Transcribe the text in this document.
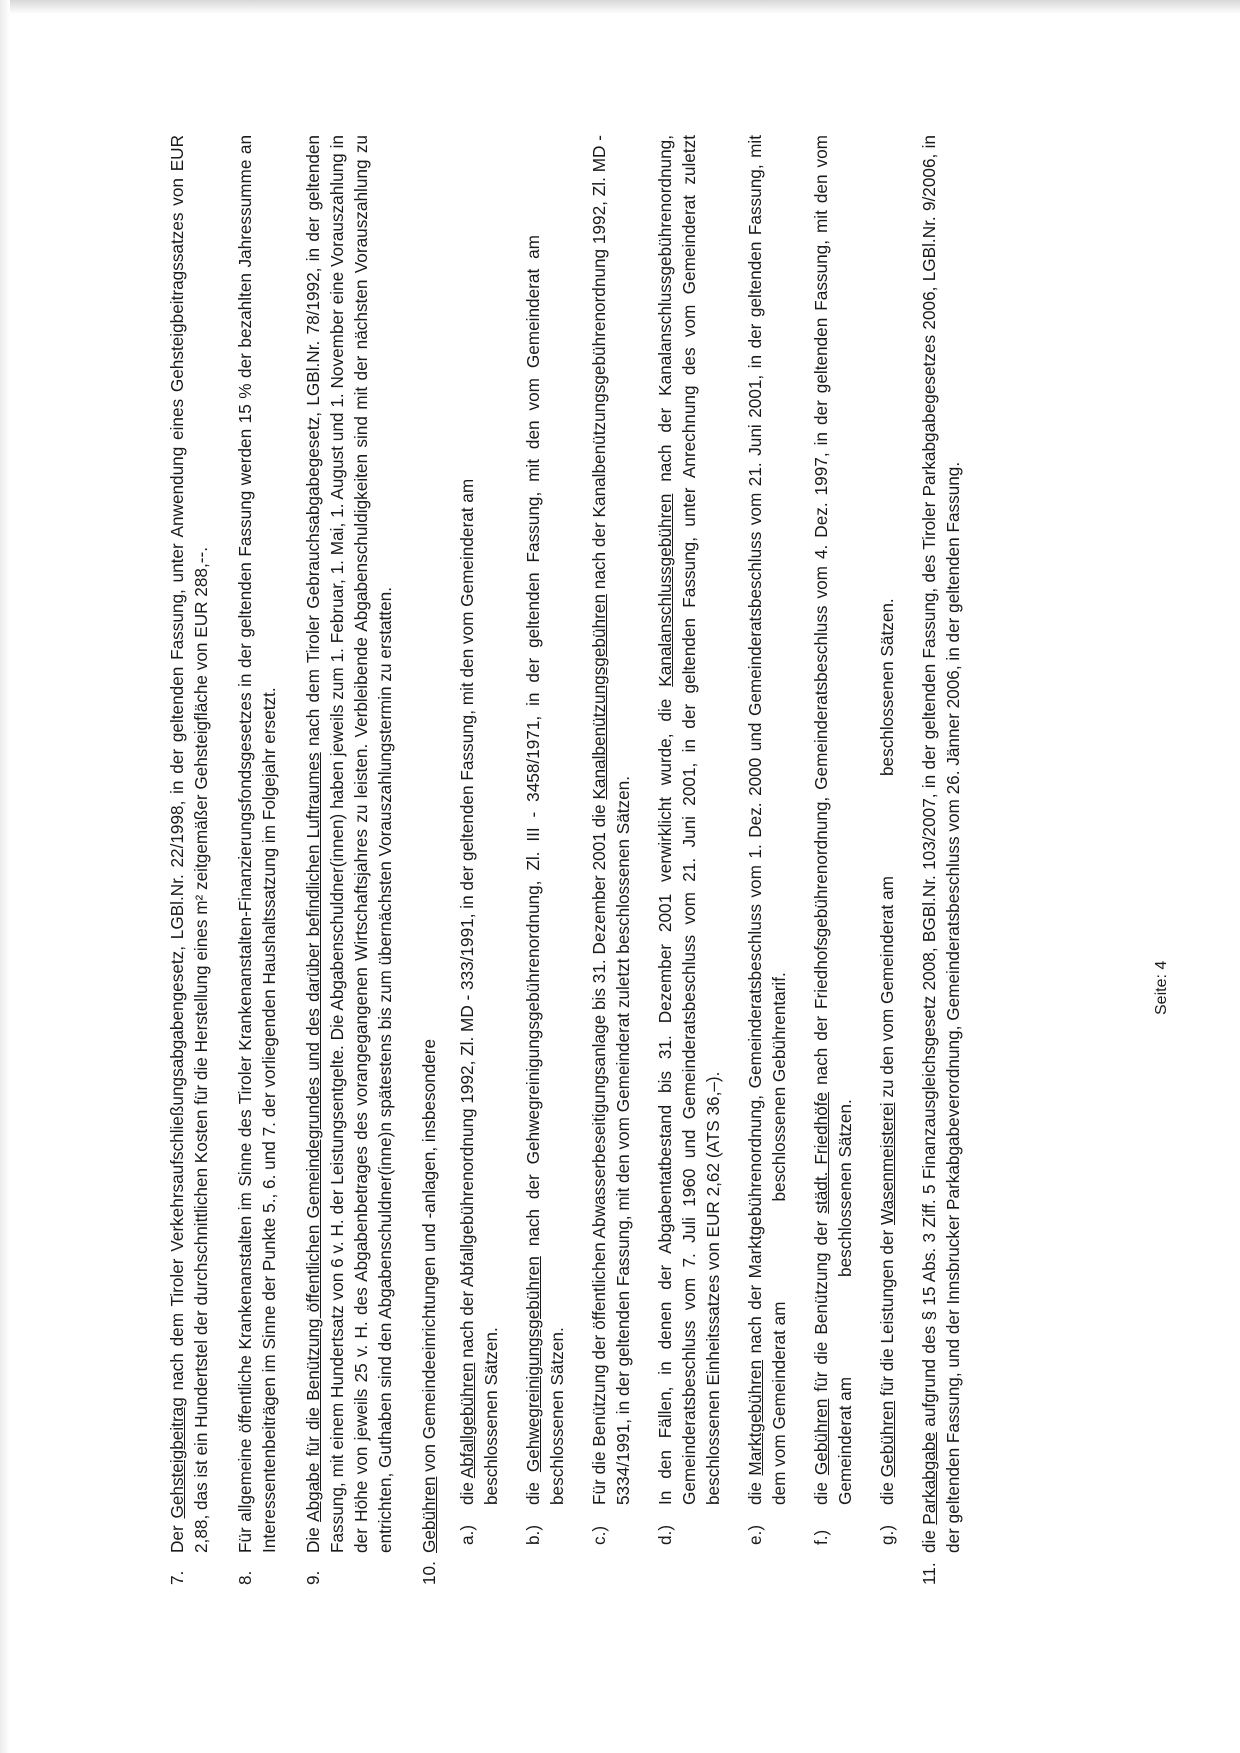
7.
Der Gehsteigbeitrag nach dem Tiroler Verkehrsaufschließungsabgabengesetz, LGBl.Nr. 22/1998, in der geltenden Fassung, unter Anwendung eines Gehsteigbeitragssatzes von EUR 2,88, das ist ein Hundertstel der durchschnittlichen Kosten für die Herstellung eines m² zeitgemäßer Gehsteigfläche von EUR 288,--.
8.
Für allgemeine öffentliche Krankenanstalten im Sinne des Tiroler Krankenanstalten-Finanzierungsfondsgesetzes in der geltenden Fassung werden 15 % der bezahlten Jahressumme an Interessentenbeiträgen im Sinne der Punkte 5., 6. und 7. der vorliegenden Haushaltssatzung im Folgejahr ersetzt.
9.
Die Abgabe für die Benützung öffentlichen Gemeindegrundes und des darüber befindlichen Luftraumes nach dem Tiroler Gebrauchsabgabegesetz, LGBl.Nr. 78/1992, in der geltenden Fassung, mit einem Hundertsatz von 6 v. H. der Leistungsentgelte. Die Abgabenschuldner(innen) haben jeweils zum 1. Februar, 1. Mai, 1. August und 1. November eine Vorauszahlung in der Höhe von jeweils 25 v. H. des Abgabenbetrages des vorangegangenen Wirtschaftsjahres zu leisten. Verbleibende Abgabenschuldigkeiten sind mit der nächsten Vorauszahlung zu entrichten, Guthaben sind den Abgabenschuldner(inne)n spätestens bis zum übernächsten Vorauszahlungstermin zu erstatten.
10.
Gebühren von Gemeindeeinrichtungen und -anlagen, insbesondere
a.)
die Abfallgebühren nach der Abfallgebührenordnung 1992, Zl. MD - 333/1991, in der geltenden Fassung, mit den vom Gemeinderat am
beschlossenen Sätzen.
b.)
die Gehwegreinigungsgebühren nach der Gehwegreinigungsgebührenordnung, Zl. III - 3458/1971, in der geltenden Fassung, mit den vom Gemeinderat ambeschlossenen Sätzen.
c.)
Für die Benützung der öffentlichen Abwasserbeseitigungsanlage bis 31. Dezember 2001 die Kanalbenützungsgebühren nach der Kanalbenützungsgebührenordnung 1992, Zl. MD - 5334/1991, in der geltenden Fassung, mit den vom Gemeinderat zuletzt beschlossenen Sätzen.
d.)
In den Fällen, in denen der Abgabentatbestand bis 31. Dezember 2001 verwirklicht wurde, die Kanalanschlussgebühren nach der Kanalanschlussgebührenordnung, Gemeinderatsbeschluss vom 7. Juli 1960 und Gemeinderatsbeschluss vom 21. Juni 2001, in der geltenden Fassung, unter Anrechnung des vom Gemeinderat zuletzt beschlossenen Einheitssatzes von EUR 2,62 (ATS 36,–).
e.)
die Marktgebühren nach der Marktgebührenordnung, Gemeinderatsbeschluss vom 1. Dez. 2000 und Gemeinderatsbeschluss vom 21. Juni 2001, in der geltenden Fassung, mit dem vom Gemeinderat ambeschlossenen Gebührentarif.
f.)
die Gebühren für die Benützung der städt. Friedhöfe nach der Friedhofsgebührenordnung, Gemeinderatsbeschluss vom 4. Dez. 1997, in der geltenden Fassung, mit den vom Gemeinderat ambeschlossenen Sätzen.
g.)
die Gebühren für die Leistungen der Wasenmeisterei zu den vom Gemeinderat ambeschlossenen Sätzen.
11.
die Parkabgabe aufgrund des § 15 Abs. 3 Ziff. 5 Finanzausgleichsgesetz 2008, BGBl.Nr. 103/2007, in der geltenden Fassung, des Tiroler Parkabgabegesetzes 2006, LGBl.Nr. 9/2006, in der geltenden Fassung, und der Innsbrucker Parkabgabeverordnung, Gemeinderatsbeschluss vom 26. Jänner 2006, in der geltenden Fassung.	Seite: 4
